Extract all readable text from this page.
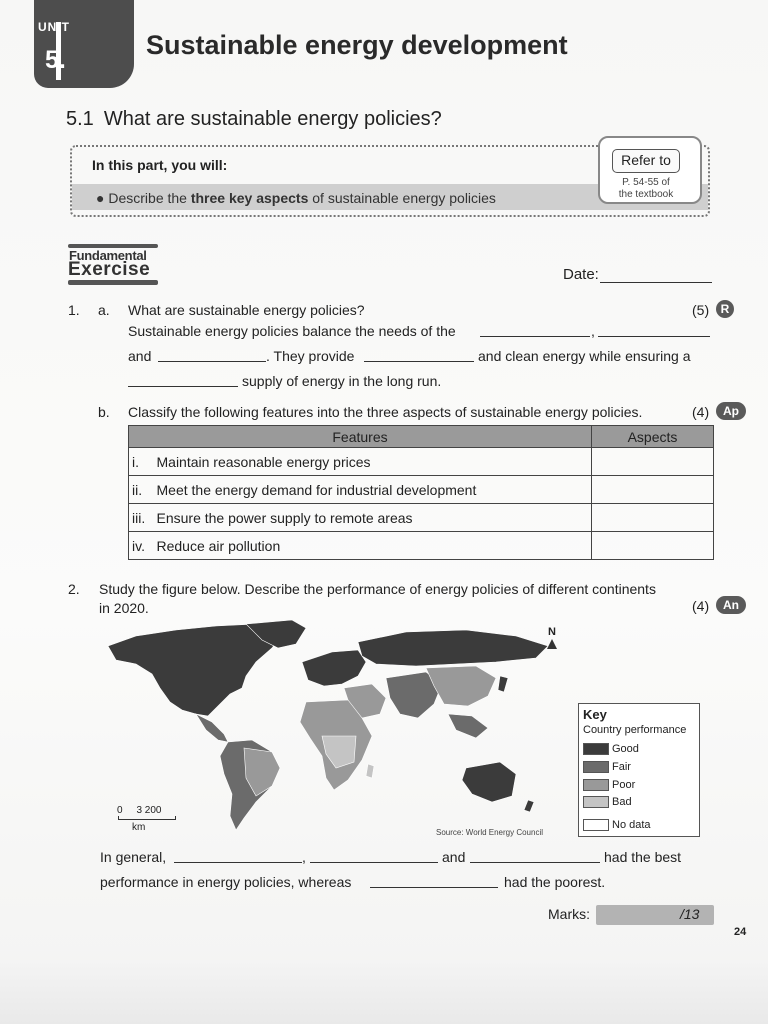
UNIT
5.	Sustainable energy development
5.1 What are sustainable energy policies?
In this part, you will:
● Describe the three key aspects of sustainable energy policies
Refer to
P. 54-55 of
the textbook
Fundamental
Exercise	Date:
1. a. What are sustainable energy policies?	(5) R
Sustainable energy policies balance the needs of the	,
and	. They provide	and clean energy while ensuring a
supply of energy in the long run.
b. Classify the following features into the three aspects of sustainable energy policies.	(4)	Ap
Features		Aspects
i.	Maintain reasonable energy prices	
ii.	Meet the energy demand for industrial development	
iii.	Ensure the power supply to remote areas	
iv.	Reduce air pollution	
2. Study the figure below. Describe the performance of energy policies of different continents
in 2020.	(4)	An
N
0     3 200
km	Source: World Energy Council
Key
Country performance
Good
Fair
Poor
Bad
No data
In general,	,	and	had the best
performance in energy policies, whereas	had the poorest.
Marks:	/13
24
